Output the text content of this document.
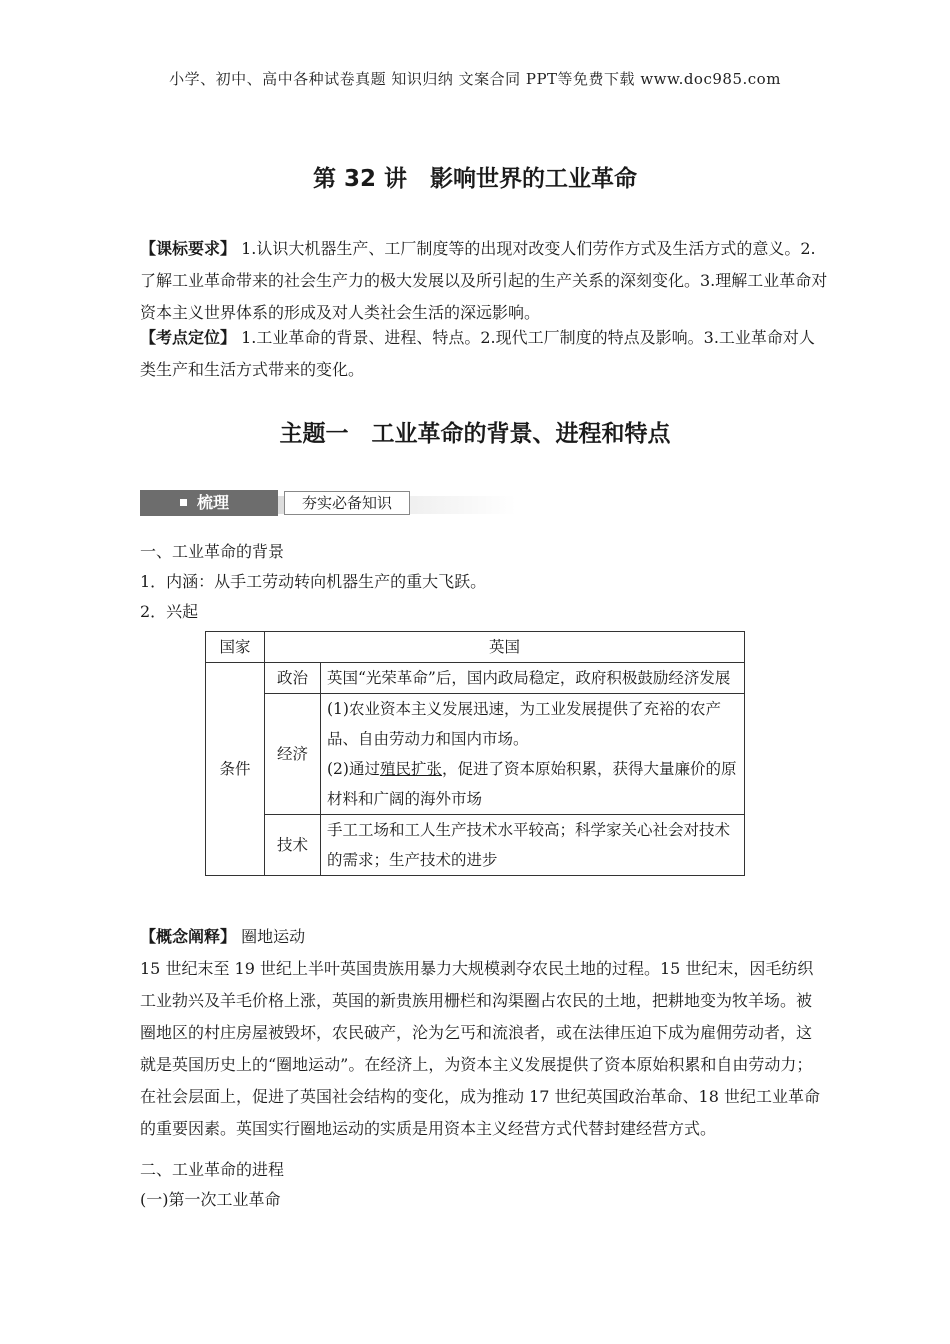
小学、初中、高中各种试卷真题 知识归纳 文案合同 PPT等免费下载 www.doc985.com
第 32 讲　影响世界的工业革命
【课标要求】 1.认识大机器生产、工厂制度等的出现对改变人们劳作方式及生活方式的意义。2.了解工业革命带来的社会生产力的极大发展以及所引起的生产关系的深刻变化。3.理解工业革命对资本主义世界体系的形成及对人类社会生活的深远影响。
【考点定位】 1.工业革命的背景、进程、特点。2.现代工厂制度的特点及影响。3.工业革命对人类生产和生活方式带来的变化。
主题一　工业革命的背景、进程和特点
梳理	夯实必备知识
一、工业革命的背景
1．内涵：从手工劳动转向机器生产的重大飞跃。
2．兴起
国家	英国	
条件	政治	英国“光荣革命”后，国内政局稳定，政府积极鼓励经济发展
	经济	(1)农业资本主义发展迅速，为工业发展提供了充裕的农产品、自由劳动力和国内市场。
(2)通过殖民扩张，促进了资本原始积累，获得大量廉价的原材料和广阔的海外市场

	技术	手工工场和工人生产技术水平较高；科学家关心社会对技术的需求；生产技术的进步
【概念阐释】 圈地运动
15 世纪末至 19 世纪上半叶英国贵族用暴力大规模剥夺农民土地的过程。15 世纪末，因毛纺织工业勃兴及羊毛价格上涨，英国的新贵族用栅栏和沟渠圈占农民的土地，把耕地变为牧羊场。被圈地区的村庄房屋被毁坏，农民破产，沦为乞丐和流浪者，或在法律压迫下成为雇佣劳动者，这就是英国历史上的“圈地运动”。在经济上，为资本主义发展提供了资本原始积累和自由劳动力；在社会层面上，促进了英国社会结构的变化，成为推动 17 世纪英国政治革命、18 世纪工业革命的重要因素。英国实行圈地运动的实质是用资本主义经营方式代替封建经营方式。
二、工业革命的进程
(一)第一次工业革命
